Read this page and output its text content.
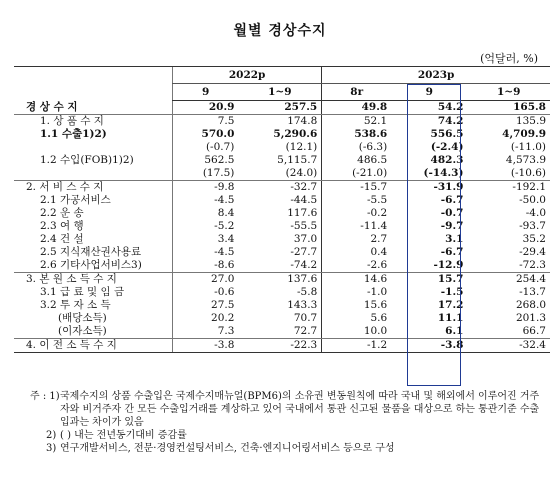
월별 경상수지
(억달러, %)
	2022p		2023p		
	9	1~9	8r	9	1~9
경 상 수 지	20.9	257.5	49.8	54.2	165.8
1. 상 품 수 지	7.5	174.8	52.1	74.2	135.9
1.1 수출1)2)	570.0	5,290.6	538.6	556.5	4,709.9
	(-0.7)	(12.1)	(-6.3)	(-2.4)	(-11.0)
1.2 수입(FOB)1)2)	562.5	5,115.7	486.5	482.3	4,573.9
	(17.5)	(24.0)	(-21.0)	(-14.3)	(-10.6)
2. 서 비 스 수 지	-9.8	-32.7	-15.7	-31.9	-192.1
2.1 가공서비스	-4.5	-44.5	-5.5	-6.7	-50.0
2.2 운 송	8.4	117.6	-0.2	-0.7	-4.0
2.3 여 행	-5.2	-55.5	-11.4	-9.7	-93.7
2.4 건 설	3.4	37.0	2.7	3.1	35.2
2.5 지식재산권사용료	-4.5	-27.7	0.4	-6.7	-29.4
2.6 기타사업서비스3)	-8.6	-74.2	-2.6	-12.9	-72.3
3. 본 원 소 득 수 지	27.0	137.6	14.6	15.7	254.4
3.1 급 료 및 임 금	-0.6	-5.8	-1.0	-1.5	-13.7
3.2 투 자 소 득	27.5	143.3	15.6	17.2	268.0
(배당소득)	20.2	70.7	5.6	11.1	201.3
(이자소득)	7.3	72.7	10.0	6.1	66.7
4. 이 전 소 득 수 지	-3.8	-22.3	-1.2	-3.8	-32.4
주 : 1) 국제수지의 상품 수출입은 국제수지매뉴얼(BPM6)의 소유권 변동원칙에 따라 국내 및 해외에서 이루어진 거주자와 비거주자 간 모든 수출입거래를 계상하고 있어 국내에서 통관 신고된 물품을 대상으로 하는 통관기준 수출입과는 차이가 있음
2) ( ) 내는 전년동기대비 증감률
3) 연구개발서비스, 전문·경영컨설팅서비스, 건축·엔지니어링서비스 등으로 구성
